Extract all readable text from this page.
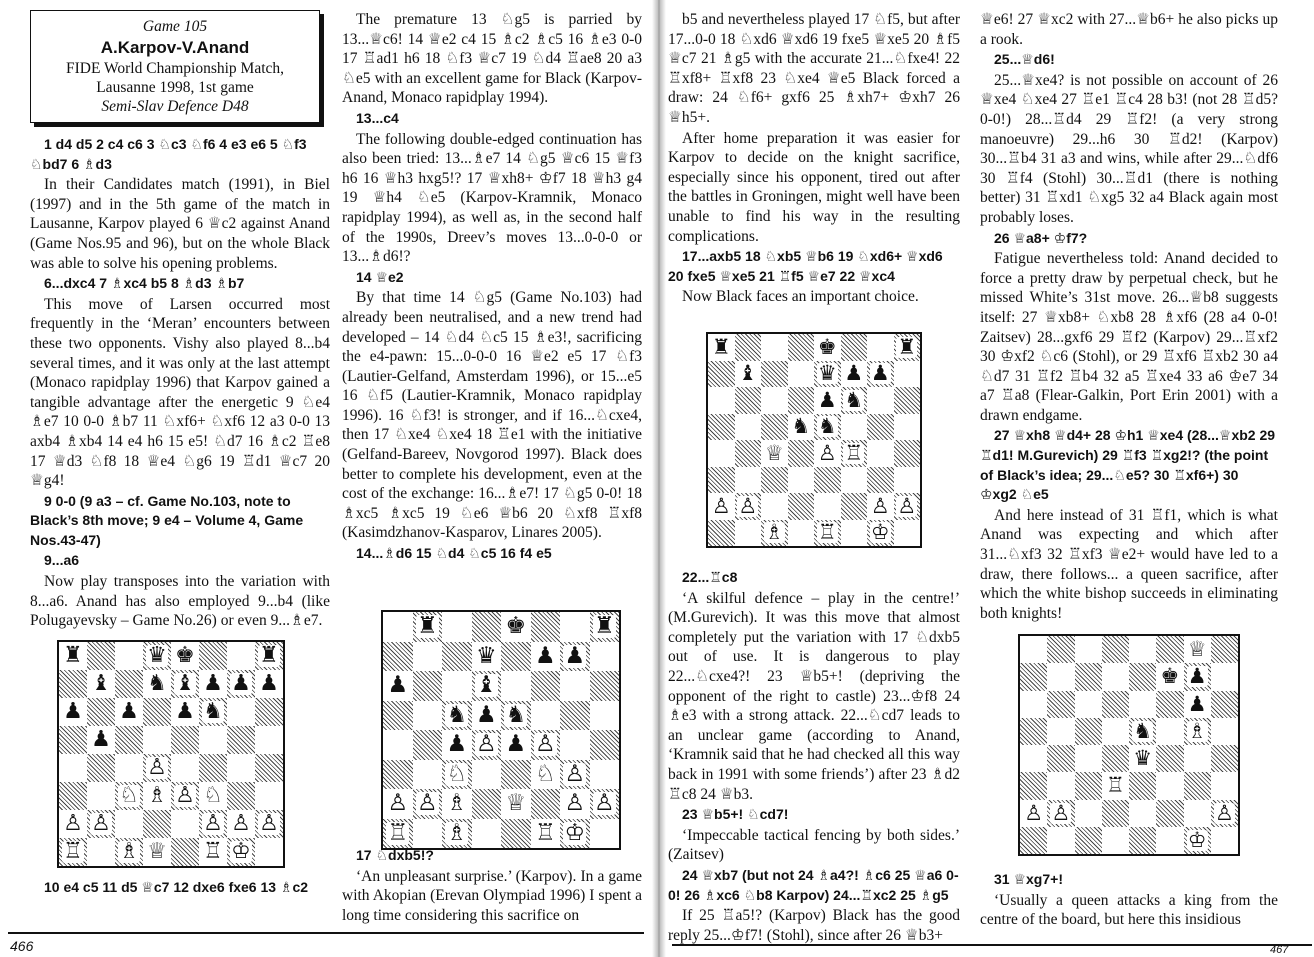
Game 105
A.Karpov-V.Anand
FIDE World Championship Match,
Lausanne 1998, 1st game
Semi-Slav Defence D48

1 d4 d5 2 c4 c6 3 ♘c3 ♘f6 4 e3 e6 5 ♘f3 ♘bd7 6 ♗d3

In their Candidates match (1991), in Biel (1997) and in the 5th game of the match in Lausanne, Karpov played 6 ♕c2 against Anand (Game Nos.95 and 96), but on the whole Black was able to solve his opening problems.

6...dxc4 7 ♗xc4 b5 8 ♗d3 ♗b7

This move of Larsen occurred most frequently in the ‘Meran’ encounters between these two opponents. Vishy also played 8...b4 several times, and it was only at the last attempt (Monaco rapidplay 1996) that Karpov gained a tangible advantage after the energetic 9 ♘e4 ♗e7 10 0-0 ♗b7 11 ♘xf6+ ♘xf6 12 a3 0-0 13 axb4 ♗xb4 14 e4 h6 15 e5! ♘d7 16 ♗c2 ♖e8 17 ♕d3 ♘f8 18 ♕e4 ♘g6 19 ♖d1 ♕c7 20 ♕g4!

9 0-0 (9 a3 – cf. Game No.103, note to Black’s 8th move; 9 e4 – Volume 4, Game Nos.43-47)

9...a6

Now play transposes into the variation with 8...a6. Anand has also employed 9...b4 (like Polugayevsky – Game No.26) or even 9...♗e7.

♜	♛ ♚	♜
♝ ♞ ♝ ♟ ♟ ♟
♟ ♟ ♟ ♞
♟
♙
♘ ♗ ♙ ♘
♙ ♙	♙ ♙ ♙
♖ ♗ ♕ ♖ ♔

10 e4 c5 11 d5 ♕c7 12 dxe6 fxe6 13 ♗c2

The premature 13 ♘g5 is parried by 13...♕c6! 14 ♕e2 c4 15 ♗c2 ♗c5 16 ♗e3 0-0 17 ♖ad1 h6 18 ♘f3 ♕c7 19 ♘d4 ♖ae8 20 a3 ♘e5 with an excellent game for Black (Karpov-Anand, Monaco rapidplay 1994).

13...c4

The following double-edged continuation has also been tried: 13...♗e7 14 ♘g5 ♕c6 15 ♕f3 h6 16 ♕h3 hxg5!? 17 ♕xh8+ ♔f7 18 ♕h3 g4 19 ♕h4 ♘e5 (Karpov-Kramnik, Monaco rapidplay 1994), as well as, in the second half of the 1990s, Dreev’s moves 13...0-0-0 or 13...♗d6!?

14 ♕e2

By that time 14 ♘g5 (Game No.103) had already been neutralised, and a new trend had developed – 14 ♘d4 ♘c5 15 ♗e3!, sacrificing the e4-pawn: 15...0-0-0 16 ♕e2 e5 17 ♘f3 (Lautier-Gelfand, Amsterdam 1996), or 15...e5 16 ♘f5 (Lautier-Kramnik, Monaco rapidplay 1996). 16 ♘f3! is stronger, and if 16...♘cxe4, then 17 ♘xe4 ♘xe4 18 ♖e1 with the initiative (Gelfand-Bareev, Novgorod 1997). Black does better to complete his development, even at the cost of the exchange: 16...♗e7! 17 ♘g5 0-0! 18 ♗xc5 ♗xc5 19 ♘e6 ♕b6 20 ♘xf8 ♖xf8 (Kasimdzhanov-Kasparov, Linares 2005).

14...♗d6 15 ♘d4 ♘c5 16 f4 e5

♜	♚	♜
♛ ♟ ♟
♟	♝
♞ ♟ ♞
♟ ♙ ♟ ♙
♘	♘ ♙
♙ ♙ ♗ ♕ ♙ ♙
♖ ♗	♖ ♔

17 ♘dxb5!?

‘An unpleasant surprise.’ (Karpov). In a game with Akopian (Erevan Olympiad 1996) I spent a long time considering this sacrifice on

466

b5 and nevertheless played 17 ♘f5, but after 17...0-0 18 ♘xd6 ♕xd6 19 fxe5 ♕xe5 20 ♗f5 ♕c7 21 ♗g5 with the accurate 21...♘fxe4! 22 ♖xf8+ ♖xf8 23 ♘xe4 ♕e5 Black forced a draw: 24 ♘f6+ gxf6 25 ♗xh7+ ♔xh7 26 ♕h5+.

After home preparation it was easier for Karpov to decide on the knight sacrifice, especially since his opponent, tired out after the battles in Groningen, might well have been unable to find his way in the resulting complications.

17...axb5 18 ♘xb5 ♕b6 19 ♘xd6+ ♕xd6 20 fxe5 ♕xe5 21 ♖f5 ♕e7 22 ♕xc4

Now Black faces an important choice.

♜	♚	♜
♝	♛ ♟ ♟
♟ ♞
♞ ♞
♕ ♙ ♖
♙ ♙	♙ ♙
♗ ♖ ♔

22...♖c8

‘A skilful defence – play in the centre!’ (M.Gurevich). It was this move that almost completely put the variation with 17 ♘dxb5 out of use. It is dangerous to play 22...♘cxe4?! 23 ♕b5+! (depriving the opponent of the right to castle) 23...♔f8 24 ♗e3 with a strong attack. 22...♘cd7 leads to an unclear game (according to Anand, ‘Kramnik said that he had checked all this way back in 1991 with some friends’) after 23 ♗d2 ♖c8 24 ♕b3.

23 ♕b5+! ♘cd7!

‘Impeccable tactical fencing by both sides.’ (Zaitsev)

24 ♕xb7 (but not 24 ♗a4?! ♗c6 25 ♕a6 0-0! 26 ♗xc6 ♘b8 Karpov) 24...♖xc2 25 ♗g5

If 25 ♖a5!? (Karpov) Black has the good reply 25...♔f7! (Stohl), since after 26 ♕b3+

♕e6! 27 ♕xc2 with 27...♕b6+ he also picks up a rook.

25...♕d6!

25...♕xe4? is not possible on account of 26 ♕xe4 ♘xe4 27 ♖e1 ♖c4 28 b3! (not 28 ♖d5? 0-0!) 28...♖d4 29 ♖f2! (a very strong manoeuvre) 29...h6 30 ♖d2! (Karpov) 30...♖b4 31 a3 and wins, while after 29...♘df6 30 ♖f4 (Stohl) 30...♖d1 (there is nothing better) 31 ♖xd1 ♘xg5 32 a4 Black again most probably loses.

26 ♕a8+ ♔f7?

Fatigue nevertheless told: Anand decided to force a pretty draw by perpetual check, but he missed White’s 31st move. 26...♕b8 suggests itself: 27 ♕xb8+ ♘xb8 28 ♗xf6 (28 a4 0-0! Zaitsev) 28...gxf6 29 ♖f2 (Karpov) 29...♖xf2 30 ♔xf2 ♘c6 (Stohl), or 29 ♖xf6 ♖xb2 30 a4 ♘d7 31 ♖f2 ♖b4 32 a5 ♖xe4 33 a6 ♔e7 34 a7 ♖a8 (Flear-Galkin, Port Erin 2001) with a drawn endgame.

27 ♕xh8 ♕d4+ 28 ♔h1 ♕xe4 (28...♕xb2 29 ♖d1! M.Gurevich) 29 ♖f3 ♖xg2!? (the point of Black’s idea; 29...♘e5? 30 ♖xf6+) 30 ♔xg2 ♘e5

And here instead of 31 ♖f1, which is what Anand was expecting and which after 31...♘xf3 32 ♖xf3 ♕e2+ would have led to a draw, there follows... a queen sacrifice, after which the white bishop succeeds in eliminating both knights!

♕
♚ ♟
♟
♞ ♗
♛
♖
♙ ♙	♙
♔

31 ♕xg7+!

‘Usually a queen attacks a king from the centre of the board, but here this insidious

467
